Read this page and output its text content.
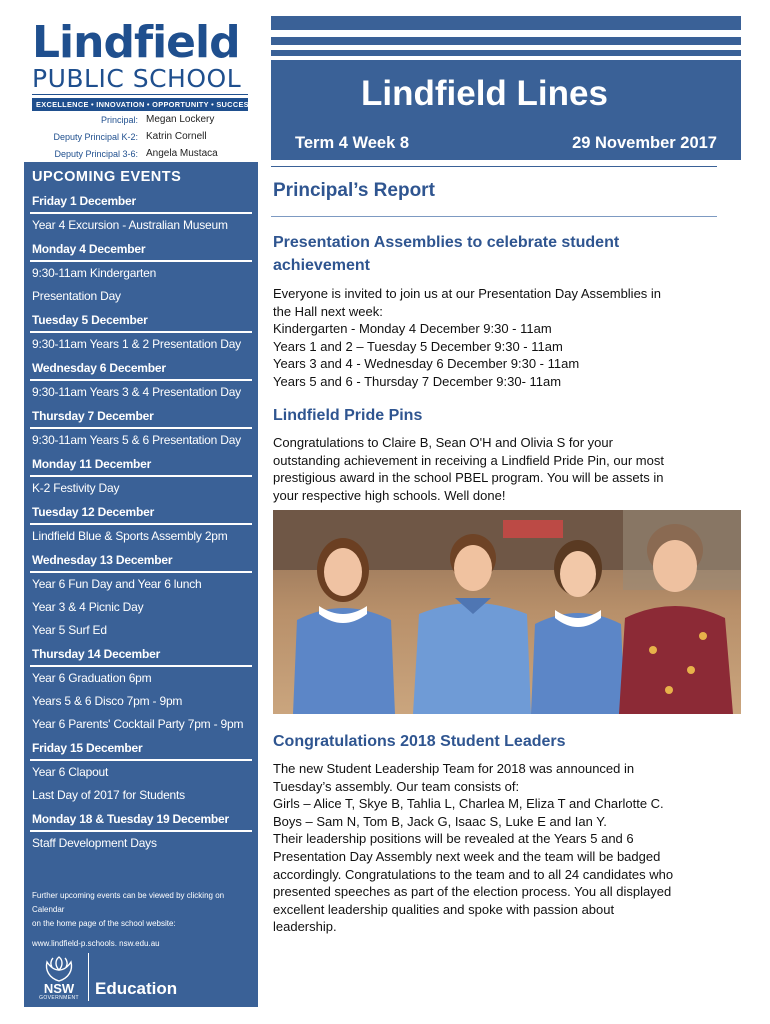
Lindfield
PUBLIC SCHOOL
EXCELLENCE • INNOVATION • OPPORTUNITY • SUCCESS
Principal: Megan Lockery
Deputy Principal K-2: Katrin Cornell
Deputy Principal 3-6: Angela Mustaca
UPCOMING EVENTS
Friday 1 December
Year 4 Excursion - Australian Museum
Monday 4 December
9:30-11am Kindergarten
Presentation Day
Tuesday 5 December
9:30-11am Years 1 & 2 Presentation Day
Wednesday 6 December
9:30-11am Years 3 & 4 Presentation Day
Thursday 7 December
9:30-11am Years 5 & 6 Presentation Day
Monday 11 December
K-2 Festivity Day
Tuesday 12 December
Lindfield Blue & Sports Assembly 2pm
Wednesday 13 December
Year 6 Fun Day and Year 6 lunch
Year 3 & 4 Picnic Day
Year 5 Surf Ed
Thursday 14 December
Year 6 Graduation 6pm
Years 5 & 6 Disco 7pm - 9pm
Year 6 Parents' Cocktail Party 7pm - 9pm
Friday 15 December
Year 6 Clapout
Last Day of 2017 for Students
Monday 18 & Tuesday 19 December
Staff Development Days
Further upcoming events can be viewed by clicking on Calendar
on the home page of the school website:
www.lindfield-p.schools. nsw.edu.au
NSW
GOVERNMENT Education
Lindfield Lines
Term 4 Week 8	29 November 2017
Principal’s Report
Presentation Assemblies to celebrate student
achievement
Everyone is invited to join us at our Presentation Day Assemblies in
the Hall next week:
Kindergarten - Monday 4 December 9:30 - 11am
Years 1 and 2 – Tuesday 5 December 9:30 - 11am
Years 3 and 4 - Wednesday 6 December 9:30 - 11am
Years 5 and 6 - Thursday 7 December 9:30- 11am
Lindfield Pride Pins
Congratulations to Claire B, Sean O'H and Olivia S for your
outstanding achievement in receiving a Lindfield Pride Pin, our most
prestigious award in the school PBEL program. You will be assets in
your respective high schools. Well done!
Congratulations 2018 Student Leaders
The new Student Leadership Team for 2018 was announced in
Tuesday’s assembly. Our team consists of:
Girls – Alice T, Skye B, Tahlia L, Charlea M, Eliza T and Charlotte C.
Boys – Sam N, Tom B, Jack G, Isaac S, Luke E and Ian Y.
Their leadership positions will be revealed at the Years 5 and 6
Presentation Day Assembly next week and the team will be badged
accordingly. Congratulations to the team and to all 24 candidates who
presented speeches as part of the election process. You all displayed
excellent leadership qualities and spoke with passion about
leadership.
